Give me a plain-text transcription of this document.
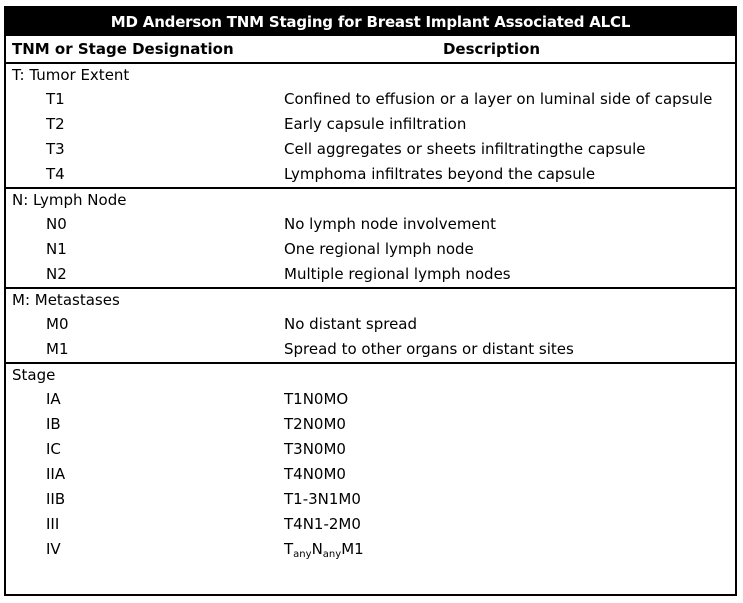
MD Anderson TNM Staging for Breast Implant Associated ALCL
TNM or Stage Designation	Description
T: Tumor Extent
T1	Confined to effusion or a layer on luminal side of capsule
T2	Early capsule infiltration
T3	Cell aggregates or sheets infiltratingthe capsule
T4	Lymphoma infiltrates beyond the capsule
N: Lymph Node
N0	No lymph node involvement
N1	One regional lymph node
N2	Multiple regional lymph nodes
M: Metastases
M0	No distant spread
M1	Spread to other organs or distant sites
Stage
IA	T1N0MO
IB	T2N0M0
IC	T3N0M0
IIA	T4N0M0
IIB	T1-3N1M0
III	T4N1-2M0
IV	$T_{any}N_{any}M1$
